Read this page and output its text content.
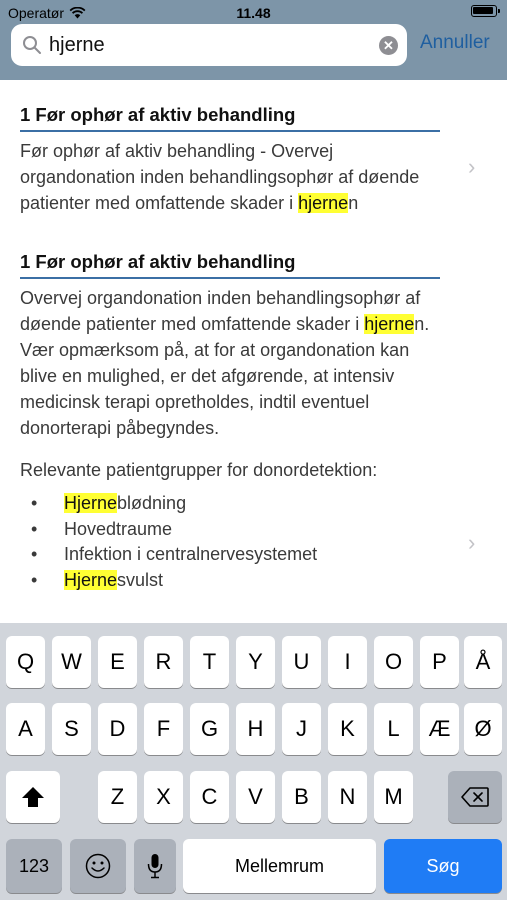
Operatør	11.48
hjerne
✕ Annuller
1 Før ophør af aktiv behandling

Før ophør af aktiv behandling - Overvej organdonation inden behandlingsophør af døende patienter med omfattende skader i hjernen

›
1 Før ophør af aktiv behandling

Overvej organdonation inden behandlingsophør af døende patienter med omfattende skader i hjernen. Vær opmærksom på, at for at organdonation kan blive en mulighed, er det afgørende, at intensiv medicinsk terapi opretholdes, indtil eventuel donorterapi påbegyndes.

Relevante patientgrupper for donordetektion:

• Hjerneblødning
• Hovedtraume
• Infektion i centralnervesystemet
• Hjernesvulst
›
Q	W	E	R	T	Y	U	I	O	P	Å
A	S	D	F	G	H	J	K	L	Æ	Ø
Z	X	C	V	B	N	M
123	Mellemrum	Søg
